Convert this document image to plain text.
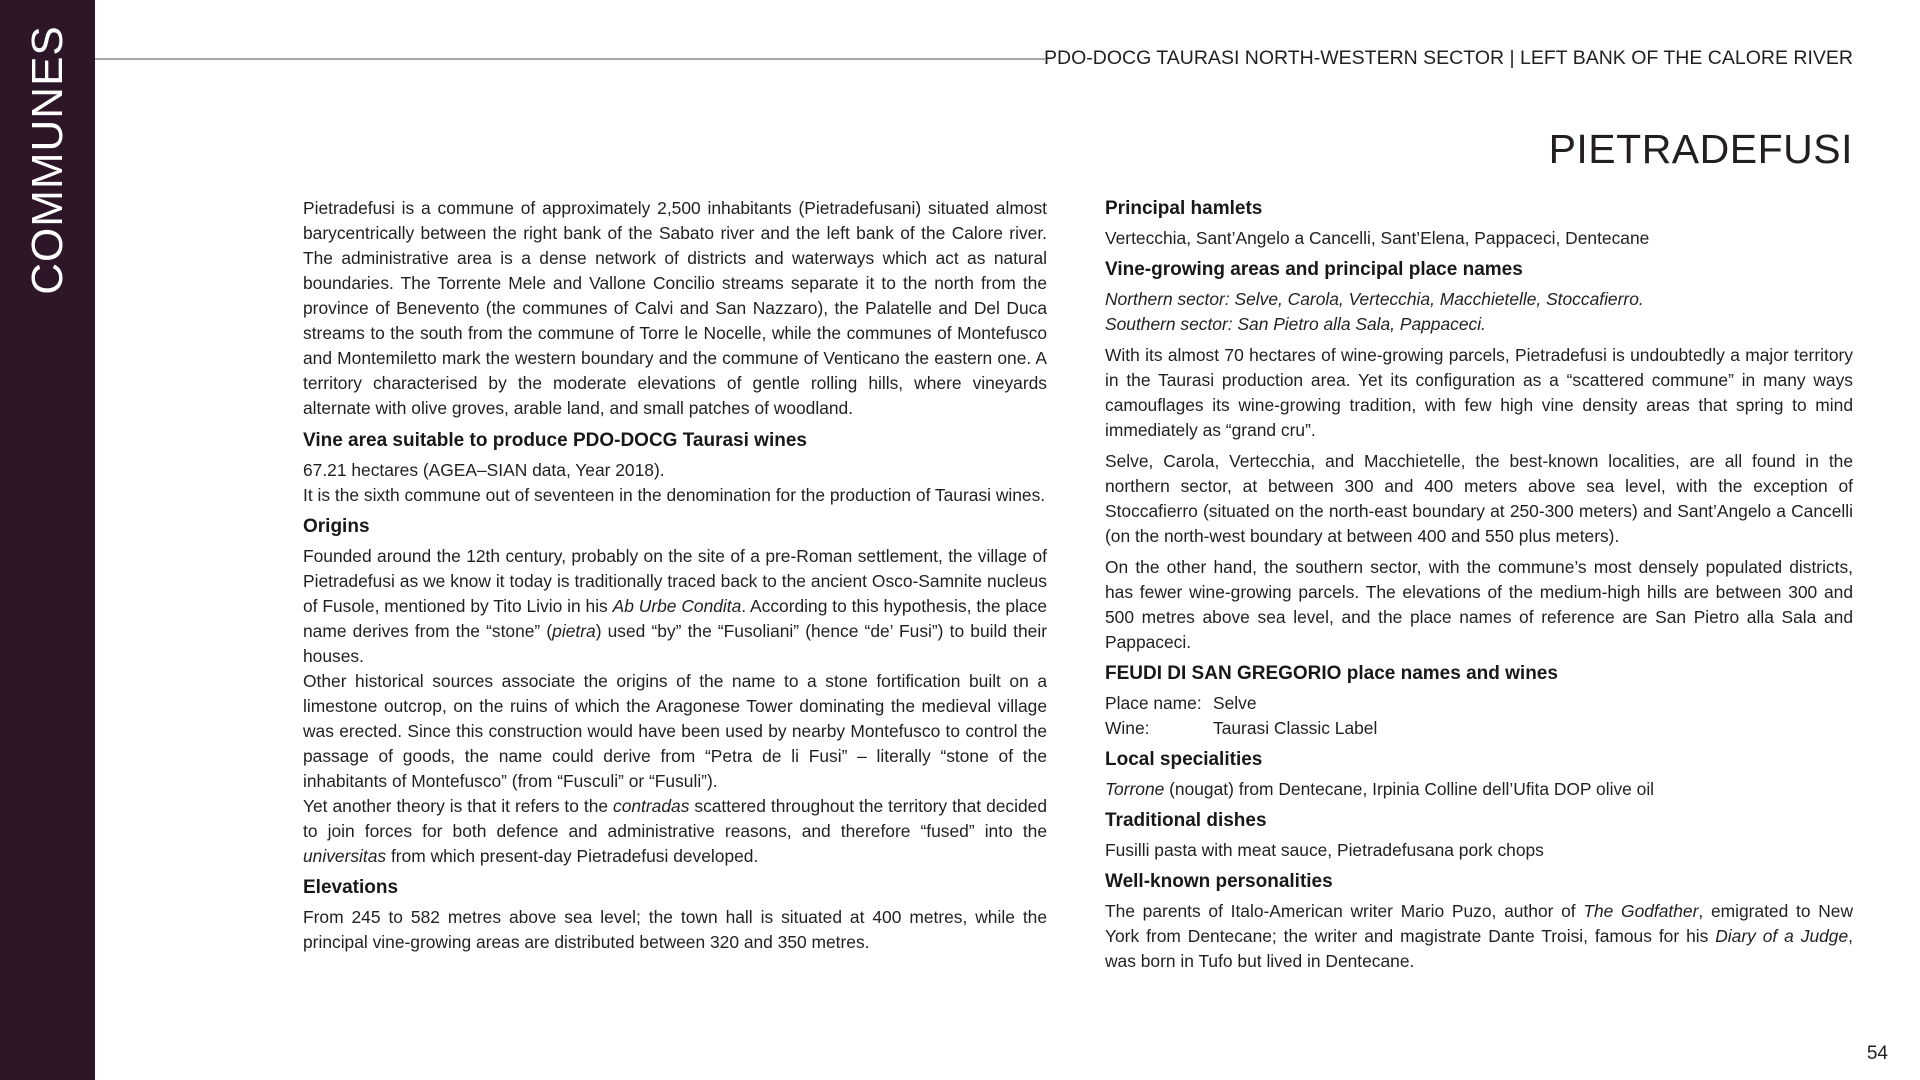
COMMUNES	PDO-DOCG TAURASI NORTH-WESTERN SECTOR | LEFT BANK OF THE CALORE RIVER
PIETRADEFUSI

Pietradefusi is a commune of approximately 2,500 inhabitants (Pietradefusani) situated almost barycentrically between the right bank of the Sabato river and the left bank of the Calore river. The administrative area is a dense network of districts and waterways which act as natural boundaries. The Torrente Mele and Vallone Concilio streams separate it to the north from the province of Benevento (the communes of Calvi and San Nazzaro), the Palatelle and Del Duca streams to the south from the commune of Torre le Nocelle, while the communes of Montefusco and Montemiletto mark the western boundary and the commune of Venticano the eastern one. A territory characterised by the moderate elevations of gentle rolling hills, where vineyards alternate with olive groves, arable land, and small patches of woodland.

Vine area suitable to produce PDO-DOCG Taurasi wines

67.21 hectares (AGEA–SIAN data, Year 2018).

It is the sixth commune out of seventeen in the denomination for the production of Taurasi wines.

Origins

Founded around the 12th century, probably on the site of a pre-Roman settlement, the village of Pietradefusi as we know it today is traditionally traced back to the ancient Osco-Samnite nucleus of Fusole, mentioned by Tito Livio in his Ab Urbe Condita. According to this hypothesis, the place name derives from the “stone” (pietra) used “by” the “Fusoliani” (hence “de’ Fusi”) to build their houses.

Other historical sources associate the origins of the name to a stone fortification built on a limestone outcrop, on the ruins of which the Aragonese Tower dominating the medieval village was erected. Since this construction would have been used by nearby Montefusco to control the passage of goods, the name could derive from “Petra de li Fusi” – literally “stone of the inhabitants of Montefusco” (from “Fusculi” or “Fusuli”).

Yet another theory is that it refers to the contradas scattered throughout the territory that decided to join forces for both defence and administrative reasons, and therefore “fused” into the universitas from which present-day Pietradefusi developed.

Elevations

From 245 to 582 metres above sea level; the town hall is situated at 400 metres, while the principal vine-growing areas are distributed between 320 and 350 metres.

Principal hamlets

Vertecchia, Sant’Angelo a Cancelli, Sant’Elena, Pappaceci, Dentecane

Vine-growing areas and principal place names

Northern sector: Selve, Carola, Vertecchia, Macchietelle, Stoccafierro.

Southern sector: San Pietro alla Sala, Pappaceci.

With its almost 70 hectares of wine-growing parcels, Pietradefusi is undoubtedly a major territory in the Taurasi production area. Yet its configuration as a “scattered commune” in many ways camouflages its wine-growing tradition, with few high vine density areas that spring to mind immediately as “grand cru”.

Selve, Carola, Vertecchia, and Macchietelle, the best-known localities, are all found in the northern sector, at between 300 and 400 meters above sea level, with the exception of Stoccafierro (situated on the north-east boundary at 250-300 meters) and Sant’Angelo a Cancelli (on the north-west boundary at between 400 and 550 plus meters).

On the other hand, the southern sector, with the commune’s most densely populated districts, has fewer wine-growing parcels. The elevations of the medium-high hills are between 300 and 500 metres above sea level, and the place names of reference are San Pietro alla Sala and Pappaceci.

FEUDI DI SAN GREGORIO place names and wines
Place name: Selve
Wine:	Taurasi Classic Label
Local specialities

Torrone (nougat) from Dentecane, Irpinia Colline dell’Ufita DOP olive oil

Traditional dishes

Fusilli pasta with meat sauce, Pietradefusana pork chops

Well-known personalities

The parents of Italo-American writer Mario Puzo, author of The Godfather, emigrated to New York from Dentecane; the writer and magistrate Dante Troisi, famous for his Diary of a Judge, was born in Tufo but lived in Dentecane.

54
